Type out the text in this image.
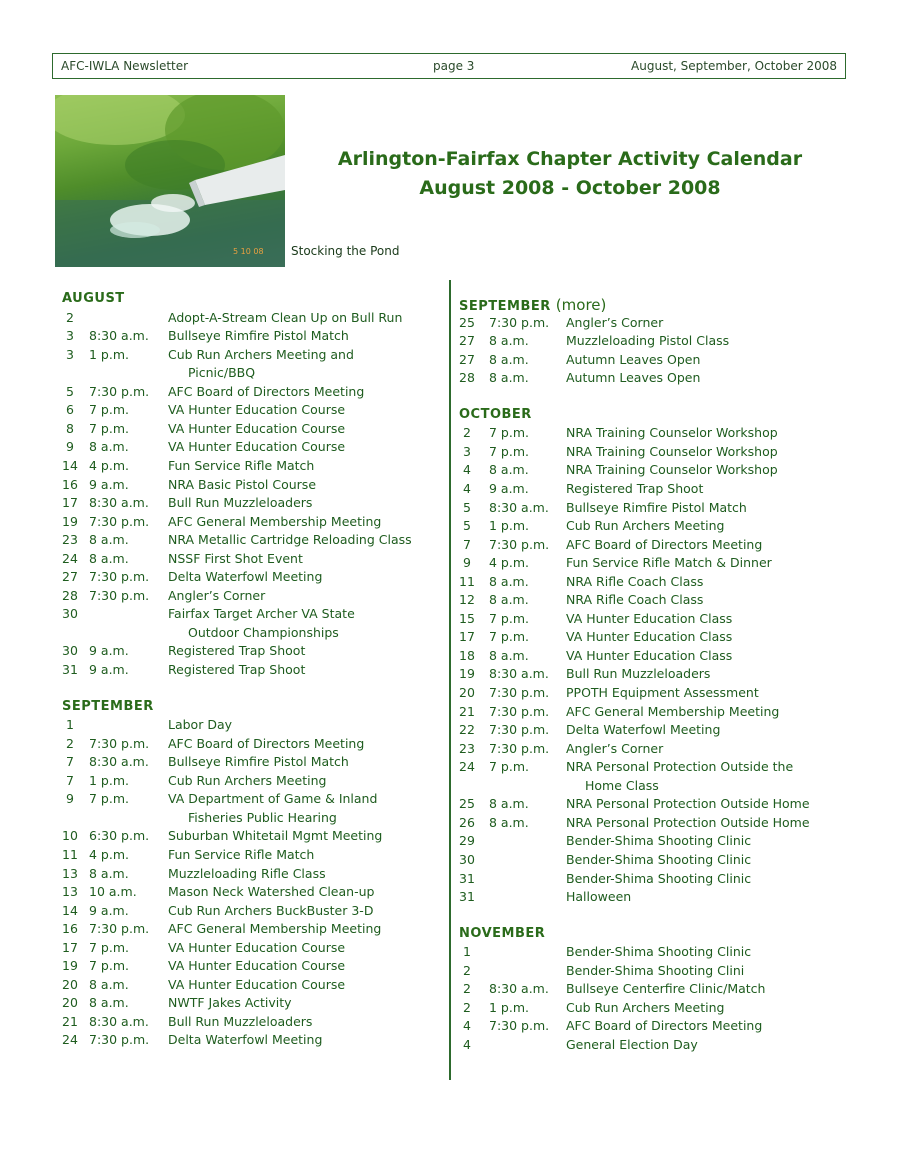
AFC-IWLA Newsletter	page 3	August, September, October 2008
5 10 08 Stocking the Pond
Arlington-Fairfax Chapter Activity Calendar
August 2008 - October 2008
AUGUST
2	Adopt-A-Stream Clean Up on Bull Run
3 8:30 a.m. Bullseye Rimfire Pistol Match
3 1 p.m.	Cub Run Archers Meeting and
Picnic/BBQ
5 7:30 p.m. AFC Board of Directors Meeting
6 7 p.m.	VA Hunter Education Course
8 7 p.m.	VA Hunter Education Course
9 8 a.m.	VA Hunter Education Course
14 4 p.m.	Fun Service Rifle Match
16 9 a.m.	NRA Basic Pistol Course
17 8:30 a.m. Bull Run Muzzleloaders
19 7:30 p.m. AFC General Membership Meeting
23 8 a.m.	NRA Metallic Cartridge Reloading Class
24 8 a.m.	NSSF First Shot Event
27 7:30 p.m. Delta Waterfowl Meeting
28 7:30 p.m. Angler’s Corner
30	Fairfax Target Archer VA State
Outdoor Championships
30 9 a.m.	Registered Trap Shoot
31 9 a.m.	Registered Trap Shoot
SEPTEMBER
1	Labor Day
2 7:30 p.m. AFC Board of Directors Meeting
7 8:30 a.m. Bullseye Rimfire Pistol Match
7 1 p.m.	Cub Run Archers Meeting
9 7 p.m.	VA Department of Game & Inland
Fisheries Public Hearing
10 6:30 p.m. Suburban Whitetail Mgmt Meeting
11 4 p.m.	Fun Service Rifle Match
13 8 a.m.	Muzzleloading Rifle Class
13 10 a.m.	Mason Neck Watershed Clean-up
14 9 a.m.	Cub Run Archers BuckBuster 3-D
16 7:30 p.m. AFC General Membership Meeting
17 7 p.m.	VA Hunter Education Course
19 7 p.m.	VA Hunter Education Course
20 8 a.m.	VA Hunter Education Course
20 8 a.m.	NWTF Jakes Activity
21 8:30 a.m. Bull Run Muzzleloaders
24 7:30 p.m. Delta Waterfowl Meeting
SEPTEMBER (more)
25 7:30 p.m. Angler’s Corner
27 8 a.m.	Muzzleloading Pistol Class
27 8 a.m.	Autumn Leaves Open
28 8 a.m.	Autumn Leaves Open
OCTOBER
2 7 p.m.	NRA Training Counselor Workshop
3 7 p.m.	NRA Training Counselor Workshop
4 8 a.m.	NRA Training Counselor Workshop
4 9 a.m.	Registered Trap Shoot
5 8:30 a.m. Bullseye Rimfire Pistol Match
5 1 p.m.	Cub Run Archers Meeting
7 7:30 p.m. AFC Board of Directors Meeting
9 4 p.m.	Fun Service Rifle Match & Dinner
11 8 a.m.	NRA Rifle Coach Class
12 8 a.m.	NRA Rifle Coach Class
15 7 p.m.	VA Hunter Education Class
17 7 p.m.	VA Hunter Education Class
18 8 a.m.	VA Hunter Education Class
19 8:30 a.m. Bull Run Muzzleloaders
20 7:30 p.m. PPOTH Equipment Assessment
21 7:30 p.m. AFC General Membership Meeting
22 7:30 p.m. Delta Waterfowl Meeting
23 7:30 p.m. Angler’s Corner
24 7 p.m.	NRA Personal Protection Outside the
Home Class
25 8 a.m.	NRA Personal Protection Outside Home
26 8 a.m.	NRA Personal Protection Outside Home
29	Bender-Shima Shooting Clinic
30	Bender-Shima Shooting Clinic
31	Bender-Shima Shooting Clinic
31	Halloween
NOVEMBER
1	Bender-Shima Shooting Clinic
2	Bender-Shima Shooting Clini
2 8:30 a.m. Bullseye Centerfire Clinic/Match
2 1 p.m.	Cub Run Archers Meeting
4 7:30 p.m. AFC Board of Directors Meeting
4	General Election Day
